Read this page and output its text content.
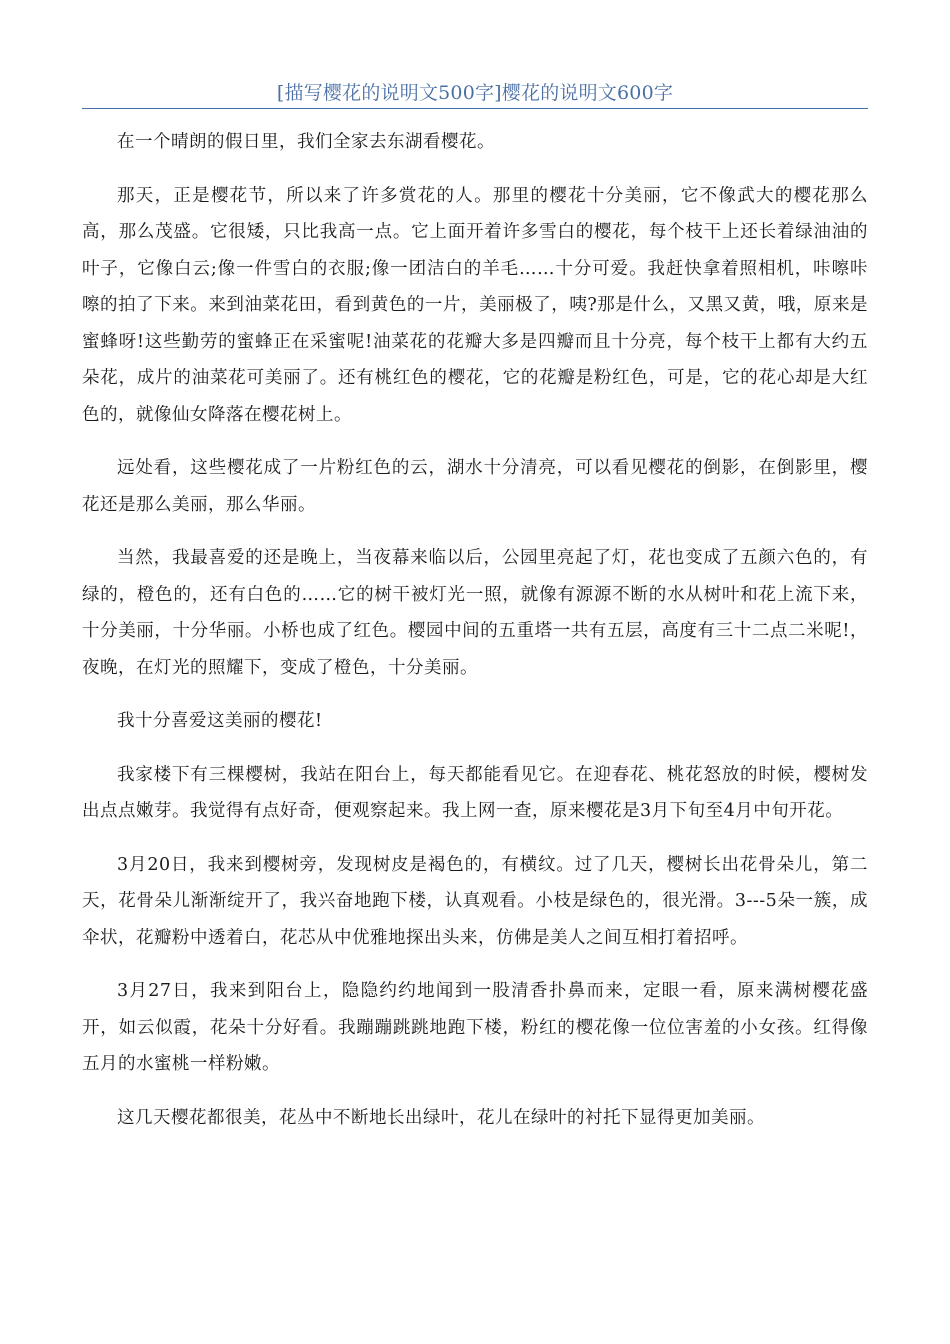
[描写樱花的说明文500字]樱花的说明文600字

在一个晴朗的假日里，我们全家去东湖看樱花。

那天，正是樱花节，所以来了许多赏花的人。那里的樱花十分美丽，它不像武大的樱花那么高，那么茂盛。它很矮，只比我高一点。它上面开着许多雪白的樱花，每个枝干上还长着绿油油的叶子，它像白云;像一件雪白的衣服;像一团洁白的羊毛……十分可爱。我赶快拿着照相机，咔嚓咔嚓的拍了下来。来到油菜花田，看到黄色的一片，美丽极了，咦?那是什么，又黑又黄，哦，原来是蜜蜂呀!这些勤劳的蜜蜂正在采蜜呢!油菜花的花瓣大多是四瓣而且十分亮，每个枝干上都有大约五朵花，成片的油菜花可美丽了。还有桃红色的樱花，它的花瓣是粉红色，可是，它的花心却是大红色的，就像仙女降落在樱花树上。

远处看，这些樱花成了一片粉红色的云，湖水十分清亮，可以看见樱花的倒影，在倒影里，樱花还是那么美丽，那么华丽。

当然，我最喜爱的还是晚上，当夜幕来临以后，公园里亮起了灯，花也变成了五颜六色的，有绿的，橙色的，还有白色的……它的树干被灯光一照，就像有源源不断的水从树叶和花上流下来，十分美丽，十分华丽。小桥也成了红色。樱园中间的五重塔一共有五层，高度有三十二点二米呢!，夜晚，在灯光的照耀下，变成了橙色，十分美丽。

我十分喜爱这美丽的樱花!

我家楼下有三棵樱树，我站在阳台上，每天都能看见它。在迎春花、桃花怒放的时候，樱树发出点点嫩芽。我觉得有点好奇，便观察起来。我上网一查，原来樱花是3月下旬至4月中旬开花。

3月20日，我来到樱树旁，发现树皮是褐色的，有横纹。过了几天，樱树长出花骨朵儿，第二天，花骨朵儿渐渐绽开了，我兴奋地跑下楼，认真观看。小枝是绿色的，很光滑。3---5朵一簇，成伞状，花瓣粉中透着白，花芯从中优雅地探出头来，仿佛是美人之间互相打着招呼。

3月27日，我来到阳台上，隐隐约约地闻到一股清香扑鼻而来，定眼一看，原来满树樱花盛开，如云似霞，花朵十分好看。我蹦蹦跳跳地跑下楼，粉红的樱花像一位位害羞的小女孩。红得像五月的水蜜桃一样粉嫩。

这几天樱花都很美，花丛中不断地长出绿叶，花儿在绿叶的衬托下显得更加美丽。
